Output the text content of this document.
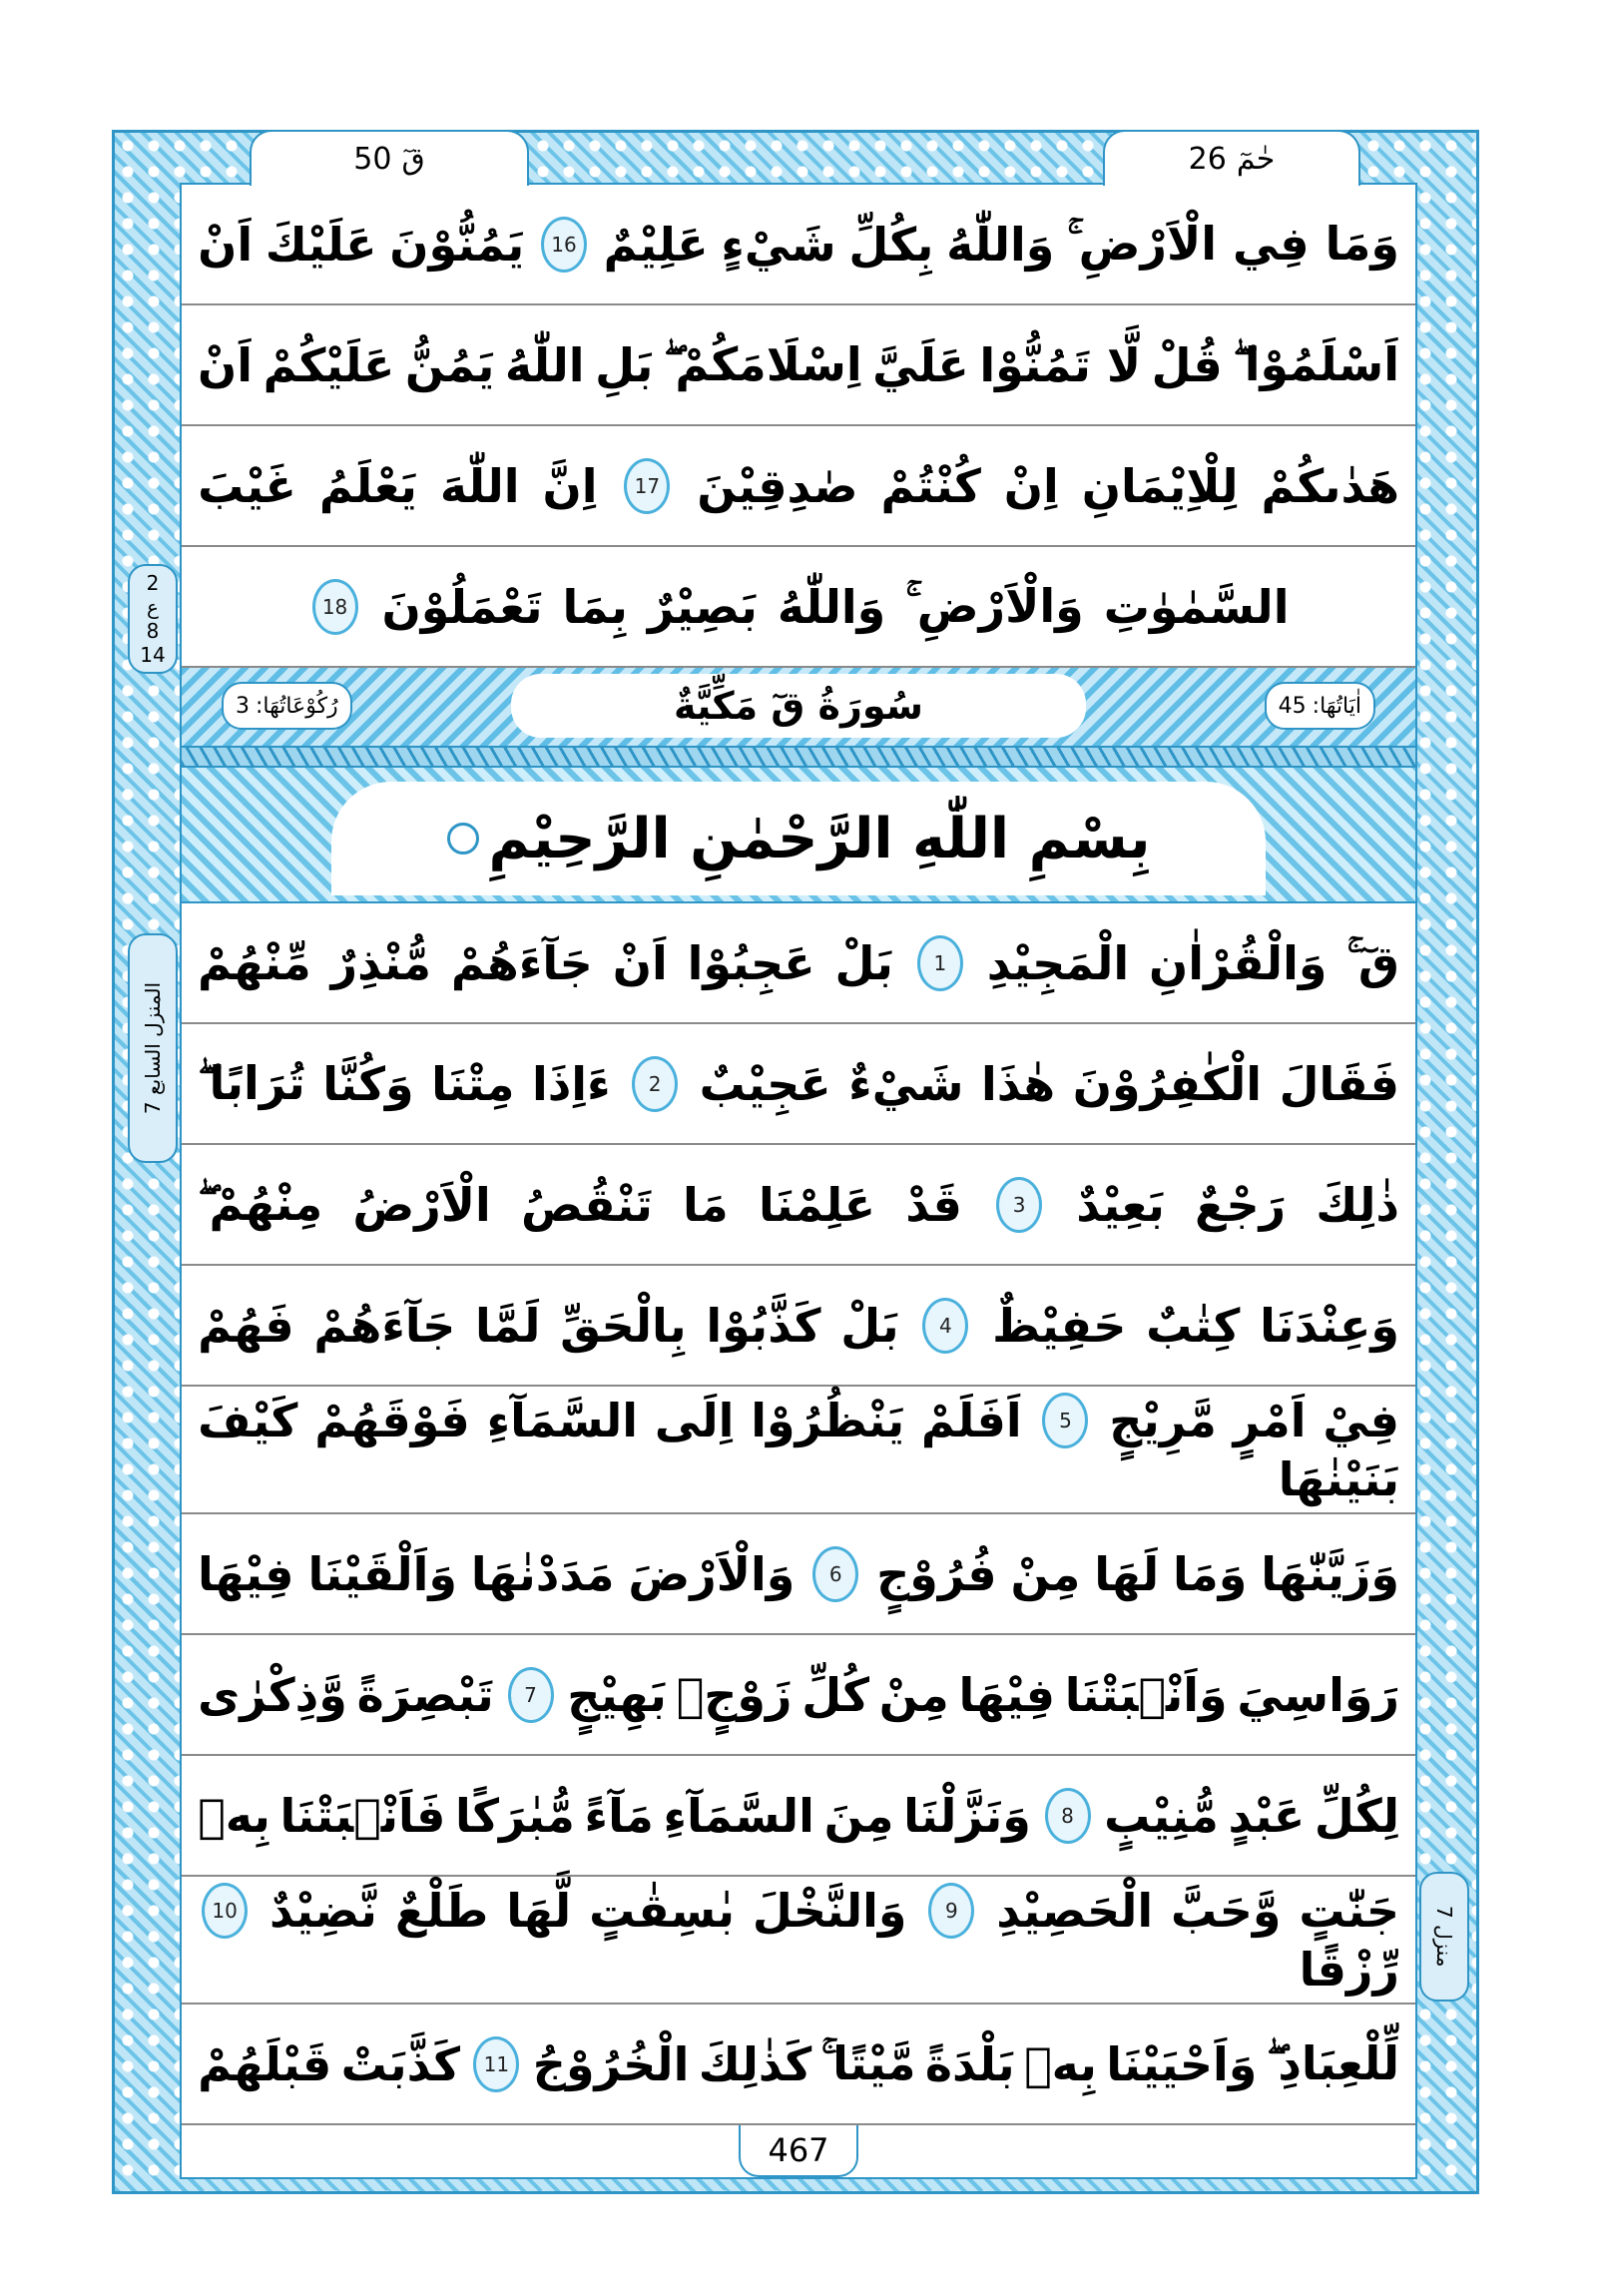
قٓ
50	حٰمٓ
26
وَمَا فِي الْاَرْضِ ۚ
وَاللّٰهُ
بِكُلِّ
شَيْءٍ
عَلِيْمٌ
16
يَمُنُّوْنَ
عَلَيْكَ
اَنْ
اَسْلَمُوْا ۖ
قُلْ
لَّا تَمُنُّوْا
عَلَيَّ
اِسْلَامَكُمْ ۖ
بَلِ
اللّٰهُ
يَمُنُّ
عَلَيْكُمْ
اَنْ
هَدٰىكُمْ
لِلْاِيْمَانِ
اِنْ
كُنْتُمْ
صٰدِقِيْنَ
17
اِنَّ
اللّٰهَ
يَعْلَمُ
غَيْبَ
السَّمٰوٰتِ
وَالْاَرْضِ ۚ
وَاللّٰهُ
بَصِيْرٌ
بِمَا
تَعْمَلُوْنَ
18
اٰيَاتُهَا:
45
سُورَةُ قٓ مَكِّيَّةٌ
رُكُوْعَاتُهَا:
3
بِسْمِ اللّٰهِ الرَّحْمٰنِ الرَّحِيْمِ
قٓ ۚ
وَالْقُرْاٰنِ
الْمَجِيْدِ
1
بَلْ
عَجِبُوْا
اَنْ
جَآءَهُمْ
مُّنْذِرٌ
مِّنْهُمْ
فَقَالَ
الْكٰفِرُوْنَ
هٰذَا
شَيْءٌ
عَجِيْبٌ
2
ءَاِذَا
مِتْنَا
وَكُنَّا
تُرَابًا ۖ
ذٰلِكَ
رَجْعٌ
بَعِيْدٌ
3
قَدْ
عَلِمْنَا
مَا
تَنْقُصُ
الْاَرْضُ
مِنْهُمْ ۖ
وَعِنْدَنَا
كِتٰبٌ
حَفِيْظٌ
4
بَلْ
كَذَّبُوْا
بِالْحَقِّ
لَمَّا
جَآءَهُمْ
فَهُمْ
فِيْ
اَمْرٍ
مَّرِيْجٍ
5
اَفَلَمْ
يَنْظُرُوْا
اِلَى
السَّمَآءِ
فَوْقَهُمْ
كَيْفَ
بَنَيْنٰهَا
وَزَيَّنّٰهَا
وَمَا
لَهَا
مِنْ
فُرُوْجٍ
6
وَالْاَرْضَ
مَدَدْنٰهَا
وَاَلْقَيْنَا
فِيْهَا
رَوَاسِيَ
وَاَنْۢبَتْنَا
فِيْهَا
مِنْ
كُلِّ
زَوْجٍۢ
بَهِيْجٍ
7
تَبْصِرَةً
وَّذِكْرٰى
لِكُلِّ
عَبْدٍ
مُّنِيْبٍ
8
وَنَزَّلْنَا
مِنَ
السَّمَآءِ
مَآءً
مُّبٰرَكًا
فَاَنْۢبَتْنَا
بِهٖ
جَنّٰتٍ
وَّحَبَّ
الْحَصِيْدِ
9
وَالنَّخْلَ
بٰسِقٰتٍ
لَّهَا
طَلْعٌ
نَّضِيْدٌ
10
رِّزْقًا
لِّلْعِبَادِ ۖ
وَاَحْيَيْنَا
بِهٖ
بَلْدَةً
مَّيْتًا ۚ
كَذٰلِكَ
الْخُرُوْجُ
11
كَذَّبَتْ
قَبْلَهُمْ
467
2
ع
8
14
المنزل السابع 7
منزل 7
